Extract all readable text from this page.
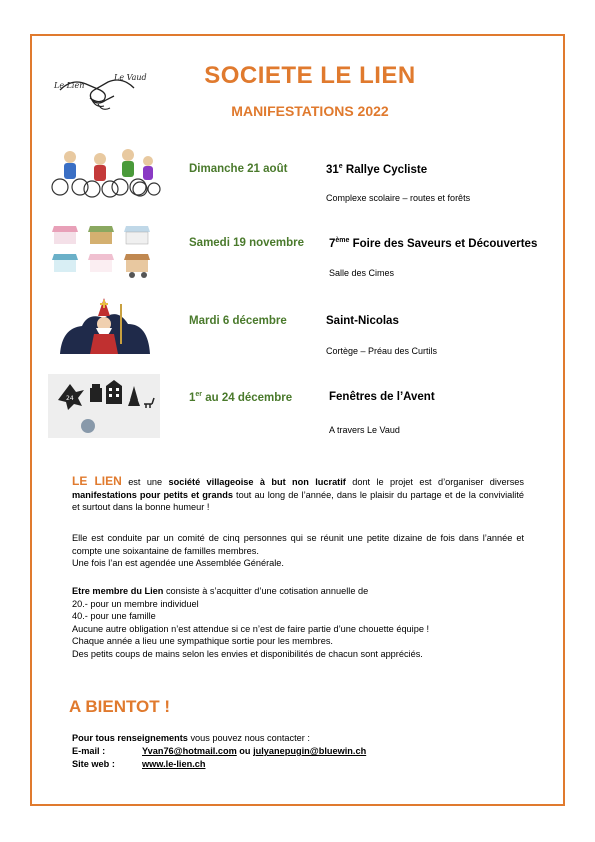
Le Lien
Le Vaud	SOCIETE LE LIEN
MANIFESTATIONS 2022
Dimanche 21 août	31e Rallye Cycliste
Complexe scolaire – routes et forêts
Samedi 19 novembre 7ème Foire des Saveurs et Découvertes
Salle des Cimes
Mardi 6 décembre	Saint-Nicolas
Cortège – Préau des Curtils
24	1er au 24 décembre	Fenêtres de l’Avent
A travers Le Vaud

LE LIEN est une société villageoise à but non lucratif dont le projet est d’organiser diverses manifestations pour petits et grands tout au long de l’année, dans le plaisir du partage et de la convivialité et surtout dans la bonne humeur !

Elle est conduite par un comité de cinq personnes qui se réunit une petite dizaine de fois dans l’année et compte une soixantaine de familles membres.

Une fois l’an est agendée une Assemblée Générale.

Etre membre du Lien consiste à s’acquitter d’une cotisation annuelle de

20.- pour un membre individuel

40.- pour une famille

Aucune autre obligation n’est attendue si ce n’est de faire partie d’une chouette équipe !

Chaque année a lieu une sympathique sortie pour les membres.

Des petits coups de mains selon les envies et disponibilités de chacun sont appréciés.

A BIENTOT !
Pour tous renseignements vous pouvez nous contacter :
E-mail :	Yvan76@hotmail.com ou julyanepugin@bluewin.ch
Site web :	www.le-lien.ch
